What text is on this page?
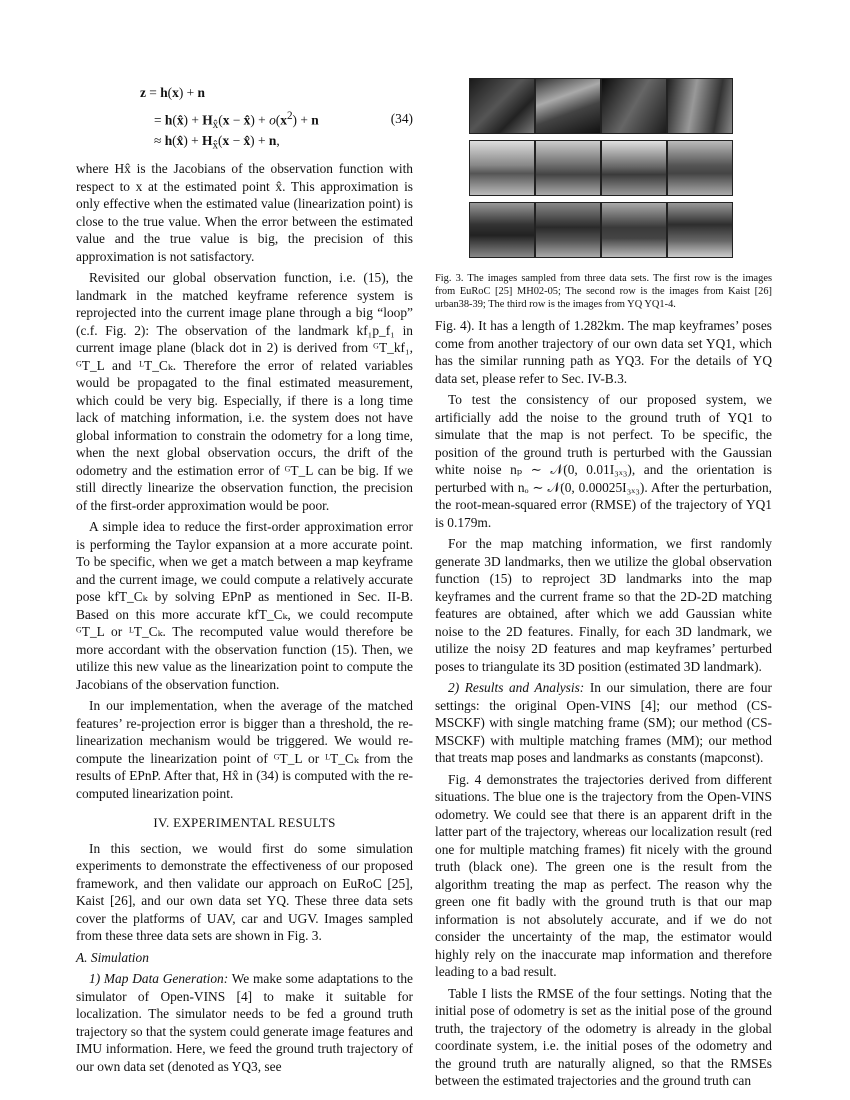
z = h(x) + n
= h(x̂) + $H_{x̂}(x$ − x̂) + $o(x^2) + n$
≈ h(x̂) + $H_{x̂}(x$ − x̂) + n,
(34)

where Hx̂ is the Jacobians of the observation function with respect to x at the estimated point x̂. This approximation is only effective when the estimated value (linearization point) is close to the true value. When the error between the estimated value and the true value is big, the precision of this approximation is not satisfactory.

Revisited our global observation function, i.e. (15), the landmark in the matched keyframe reference system is reprojected into the current image plane through a big “loop” (c.f. Fig. 2): The observation of the landmark kf₁p_f₁ in current image plane (black dot in 2) is derived from ᴳT_kf₁, ᴳT_L and ᴸT_Cₖ. Therefore the error of related variables would be propagated to the final estimated measurement, which could be very big. Especially, if there is a long time lack of matching information, i.e. the system does not have global information to constrain the odometry for a long time, when the next global observation occurs, the drift of the odometry and the estimation error of ᴳT_L can be big. If we still directly linearize the observation function, the precision of the first-order approximation would be poor.

A simple idea to reduce the first-order approximation error is performing the Taylor expansion at a more accurate point. To be specific, when we get a match between a map keyframe and the current image, we could compute a relatively accurate pose kfT_Cₖ by solving EPnP as mentioned in Sec. II-B. Based on this more accurate kfT_Cₖ, we could recompute ᴳT_L or ᴸT_Cₖ. The recomputed value would therefore be more accordant with the observation function (15). Then, we utilize this new value as the linearization point to compute the Jacobians of the observation function.

In our implementation, when the average of the matched features’ re-projection error is bigger than a threshold, the re-linearization mechanism would be triggered. We would re-compute the linearization point of ᴳT_L or ᴸT_Cₖ from the results of EPnP. After that, Hx̂ in (34) is computed with the re-computed linearization point.

IV. EXPERIMENTAL RESULTS

In this section, we would first do some simulation experiments to demonstrate the effectiveness of our proposed framework, and then validate our approach on EuRoC [25], Kaist [26], and our own data set YQ. These three data sets cover the platforms of UAV, car and UGV. Images sampled from these three data sets are shown in Fig. 3.

A. Simulation

1) Map Data Generation: We make some adaptations to the simulator of Open-VINS [4] to make it suitable for localization. The simulator needs to be fed a ground truth trajectory so that the system could generate image features and IMU information. Here, we feed the ground truth trajectory of our own data set (denoted as YQ3, see

Fig. 3. The images sampled from three data sets. The first row is the images from EuRoC [25] MH02-05; The second row is the images from Kaist [26] urban38-39; The third row is the images from YQ YQ1-4.

Fig. 4). It has a length of 1.282km. The map keyframes’ poses come from another trajectory of our own data set YQ1, which has the similar running path as YQ3. For the details of YQ data set, please refer to Sec. IV-B.3.

To test the consistency of our proposed system, we artificially add the noise to the ground truth of YQ1 to simulate that the map is not perfect. To be specific, the position of the ground truth is perturbed with the Gaussian white noise nₚ ∼ 𝒩(0, 0.01I₃ₓ₃), and the orientation is perturbed with nₒ ∼ 𝒩(0, 0.00025I₃ₓ₃). After the perturbation, the root-mean-squared error (RMSE) of the trajectory of YQ1 is 0.179m.

For the map matching information, we first randomly generate 3D landmarks, then we utilize the global observation function (15) to reproject 3D landmarks into the map keyframes and the current frame so that the 2D-2D matching features are obtained, after which we add Gaussian white noise to the 2D features. Finally, for each 3D landmark, we utilize the noisy 2D features and map keyframes’ perturbed poses to triangulate its 3D position (estimated 3D landmark).

2) Results and Analysis: In our simulation, there are four settings: the original Open-VINS [4]; our method (CS-MSCKF) with single matching frame (SM); our method (CS-MSCKF) with multiple matching frames (MM); our method that treats map poses and landmarks as constants (mapconst).

Fig. 4 demonstrates the trajectories derived from different situations. The blue one is the trajectory from the Open-VINS odometry. We could see that there is an apparent drift in the latter part of the trajectory, whereas our localization result (red one for multiple matching frames) fit nicely with the ground truth (black one). The green one is the result from the algorithm treating the map as perfect. The reason why the green one fit badly with the ground truth is that our map information is not absolutely accurate, and if we do not consider the uncertainty of the map, the estimator would highly rely on the inaccurate map information and therefore leading to a bad result.

Table I lists the RMSE of the four settings. Noting that the initial pose of odometry is set as the initial pose of the ground truth, the trajectory of the odometry is already in the global coordinate system, i.e. the initial poses of the odometry and the ground truth are naturally aligned, so that the RMSEs between the estimated trajectories and the ground truth can
